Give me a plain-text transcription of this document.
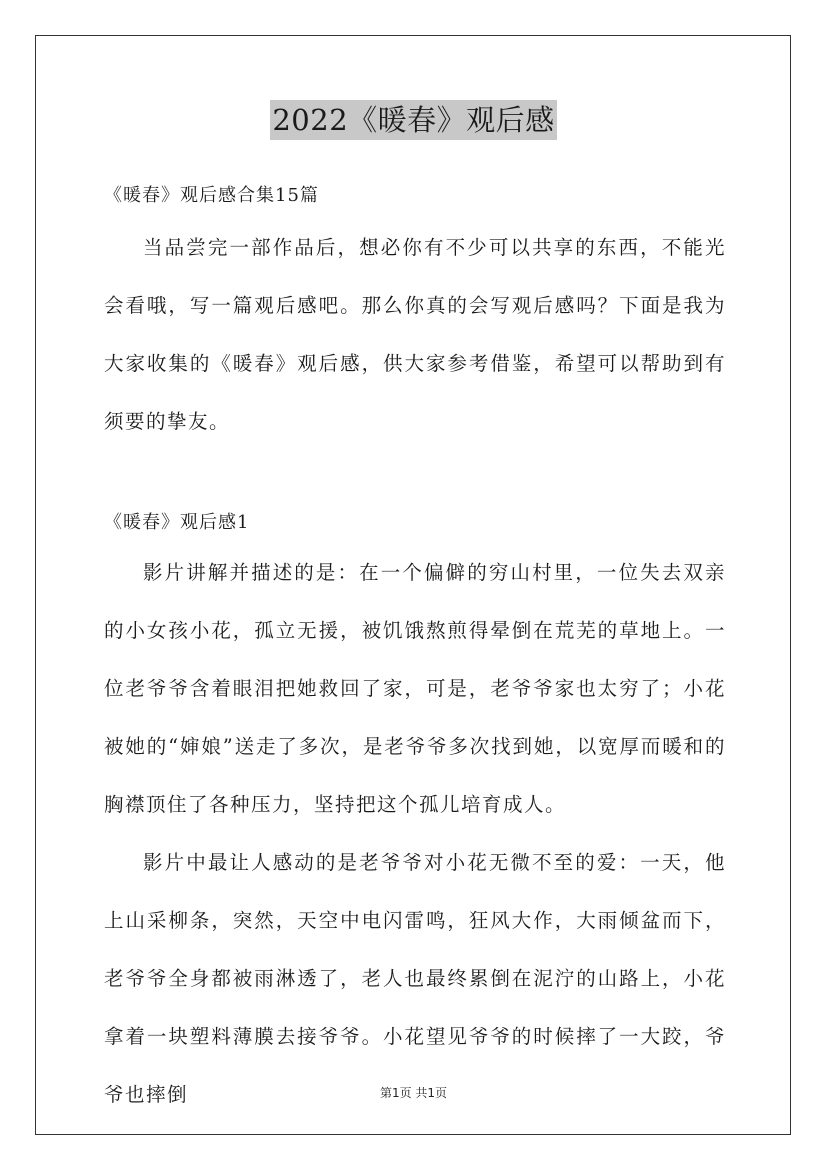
2022《暖春》观后感
《暖春》观后感合集15篇

当品尝完一部作品后，想必你有不少可以共享的东西，不能光会看哦，写一篇观后感吧。那么你真的会写观后感吗？下面是我为大家收集的《暖春》观后感，供大家参考借鉴，希望可以帮助到有须要的挚友。

《暖春》观后感1

影片讲解并描述的是：在一个偏僻的穷山村里，一位失去双亲的小女孩小花，孤立无援，被饥饿熬煎得晕倒在荒芜的草地上。一位老爷爷含着眼泪把她救回了家，可是，老爷爷家也太穷了；小花被她的“婶娘”送走了多次，是老爷爷多次找到她，以宽厚而暖和的胸襟顶住了各种压力，坚持把这个孤儿培育成人。

影片中最让人感动的是老爷爷对小花无微不至的爱：一天，他上山采柳条，突然，天空中电闪雷鸣，狂风大作，大雨倾盆而下，老爷爷全身都被雨淋透了，老人也最终累倒在泥泞的山路上，小花拿着一块塑料薄膜去接爷爷。小花望见爷爷的时候摔了一大跤，爷爷也摔倒	第1页 共1页
